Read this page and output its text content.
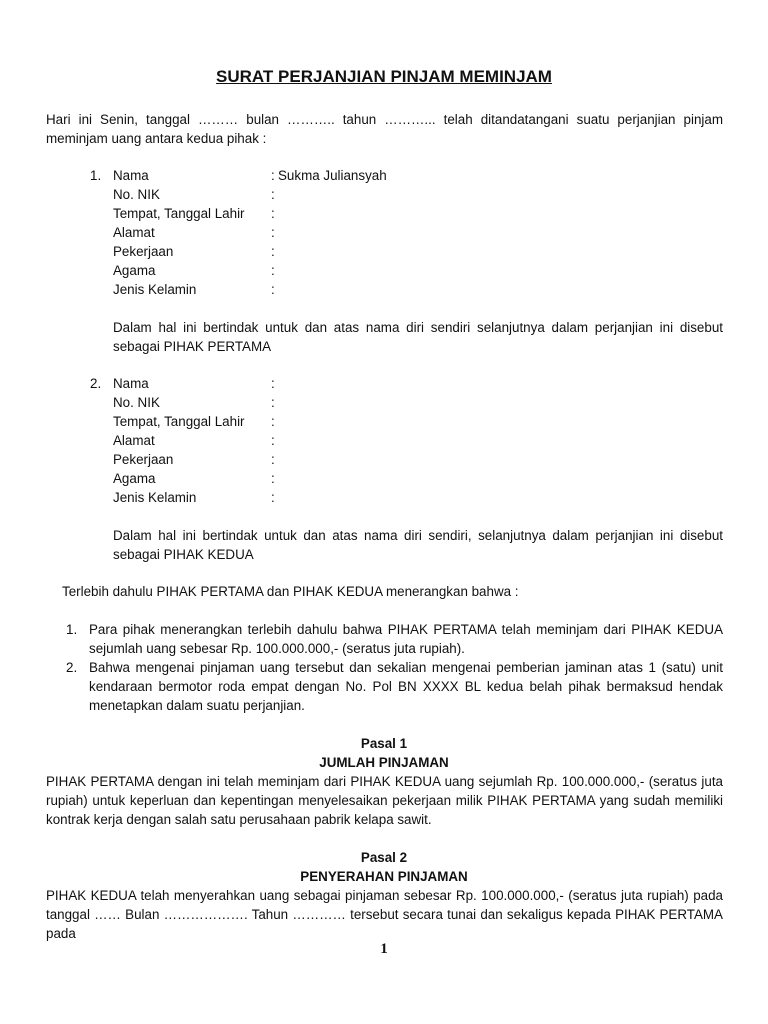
SURAT PERJANJIAN PINJAM MEMINJAM
Hari ini Senin, tanggal ……… bulan ……….. tahun ………... telah ditandatangani suatu perjanjian pinjam meminjam uang antara kedua pihak :
1. Nama	: Sukma Juliansyah
No. NIK	:
Tempat, Tanggal Lahir :
Alamat	:
Pekerjaan	:
Agama	:
Jenis Kelamin	:
Dalam hal ini bertindak untuk dan atas nama diri sendiri selanjutnya dalam perjanjian ini disebut sebagai PIHAK PERTAMA
2. Nama	:
No. NIK	:
Tempat, Tanggal Lahir :
Alamat	:
Pekerjaan	:
Agama	:
Jenis Kelamin	:
Dalam hal ini bertindak untuk dan atas nama diri sendiri, selanjutnya dalam perjanjian ini disebut sebagai PIHAK KEDUA
Terlebih dahulu PIHAK PERTAMA dan PIHAK KEDUA menerangkan bahwa :
1. Para pihak menerangkan terlebih dahulu bahwa PIHAK PERTAMA telah meminjam dari PIHAK KEDUA sejumlah uang sebesar Rp. 100.000.000,- (seratus juta rupiah).
2. Bahwa mengenai pinjaman uang tersebut dan sekalian mengenai pemberian jaminan atas 1 (satu) unit kendaraan bermotor roda empat dengan No. Pol BN XXXX BL kedua belah pihak bermaksud hendak menetapkan dalam suatu perjanjian.
Pasal 1
JUMLAH PINJAMAN
PIHAK PERTAMA dengan ini telah meminjam dari PIHAK KEDUA uang sejumlah Rp. 100.000.000,- (seratus juta rupiah) untuk keperluan dan kepentingan menyelesaikan pekerjaan milik PIHAK PERTAMA yang sudah memiliki kontrak kerja dengan salah satu perusahaan pabrik kelapa sawit.
Pasal 2
PENYERAHAN PINJAMAN
PIHAK KEDUA telah menyerahkan uang sebagai pinjaman sebesar Rp. 100.000.000,- (seratus juta rupiah) pada tanggal …… Bulan ………………. Tahun ………… tersebut secara tunai dan sekaligus kepada PIHAK PERTAMA pada
1
